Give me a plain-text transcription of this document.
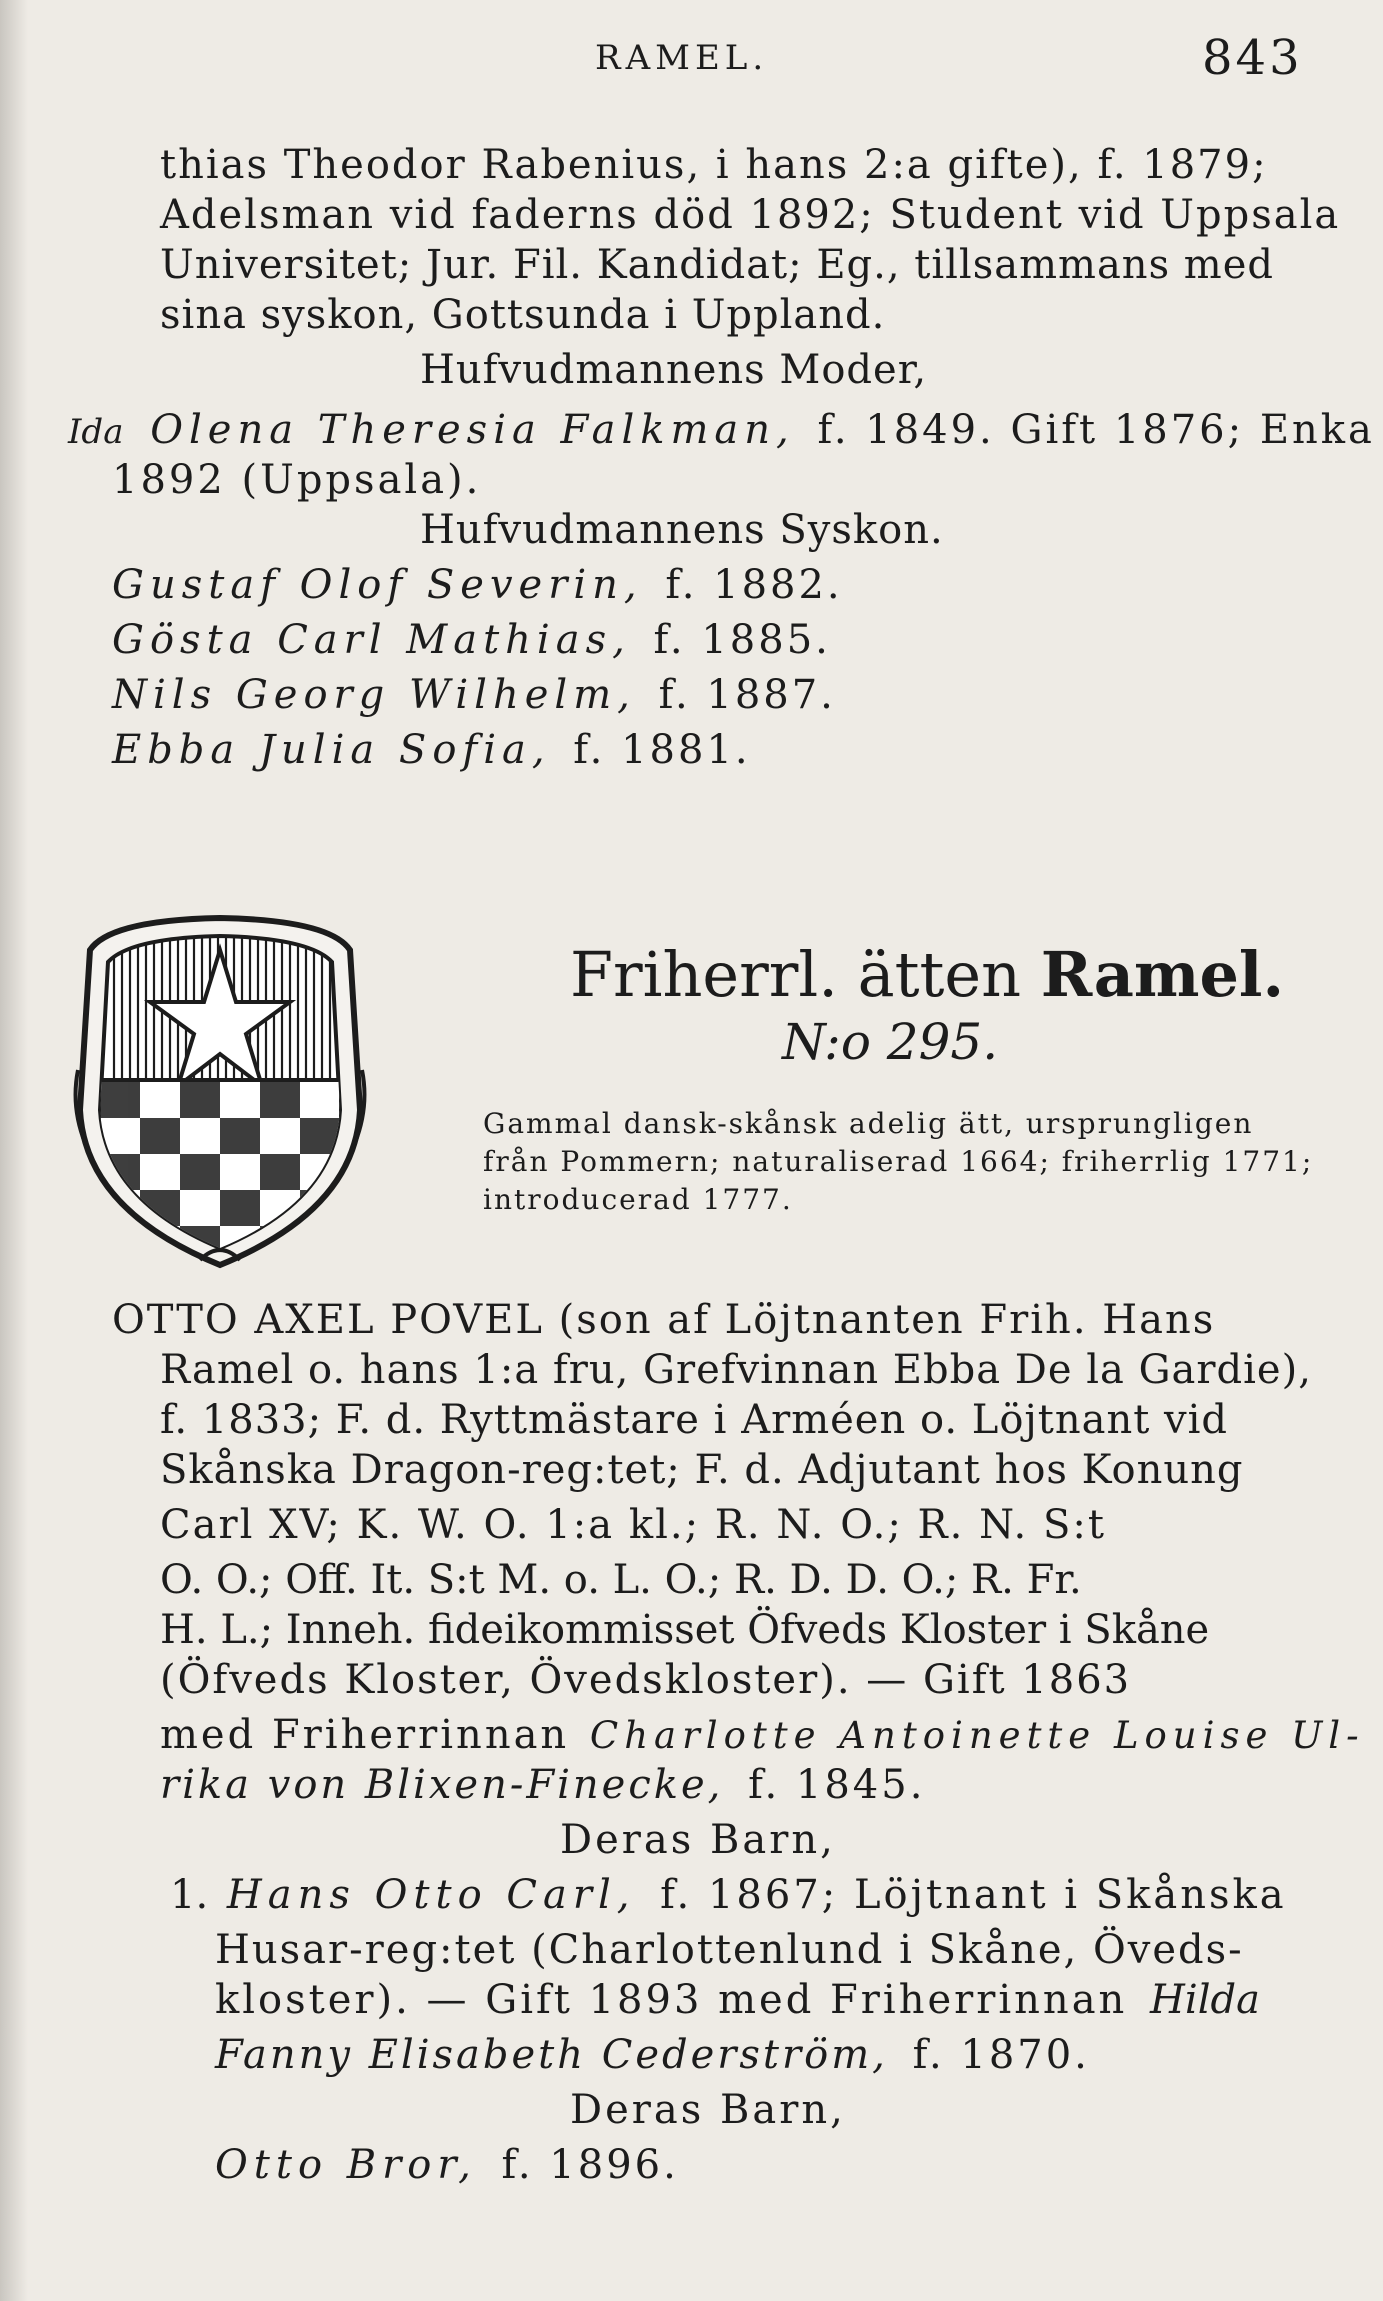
RAMEL.	843
thias Theodor Rabenius, i hans 2:a gifte), f. 1879;
Adelsman vid faderns död 1892; Student vid Uppsala
Universitet; Jur. Fil. Kandidat; Eg., tillsammans med
sina syskon, Gottsunda i Uppland.
Hufvudmannens Moder,
Ida Olena Theresia Falkman, f. 1849. Gift 1876; Enka
1892 (Uppsala).
Hufvudmannens Syskon.
Gustaf Olof Severin, f. 1882.
Gösta Carl Mathias, f. 1885.
Nils Georg Wilhelm, f. 1887.
Ebba Julia Sofia, f. 1881.
Friherrl. ätten Ramel.
N:o 295.
Gammal dansk-skånsk adelig ätt, ursprungligen från Pommern; naturaliserad 1664; friherrlig 1771; introducerad 1777.
OTTO AXEL POVEL (son af Löjtnanten Frih. Hans
Ramel o. hans 1:a fru, Grefvinnan Ebba De la Gardie),
f. 1833; F. d. Ryttmästare i Arméen o. Löjtnant vid
Skånska Dragon-reg:tet; F. d. Adjutant hos Konung
Carl XV; K. W. O. 1:a kl.; R. N. O.; R. N. S:t
O. O.; Off. It. S:t M. o. L. O.; R. D. D. O.; R. Fr.
H. L.; Inneh. fideikommisset Öfveds Kloster i Skåne
(Öfveds Kloster, Övedskloster). — Gift 1863
med Friherrinnan Charlotte Antoinette Louise Ul-
rika von Blixen-Finecke, f. 1845.
Deras Barn,
1. Hans Otto Carl, f. 1867; Löjtnant i Skånska
Husar-reg:tet (Charlottenlund i Skåne, Öveds-
kloster). — Gift 1893 med Friherrinnan Hilda
Fanny Elisabeth Cederström, f. 1870.
Deras Barn,
Otto Bror, f. 1896.
